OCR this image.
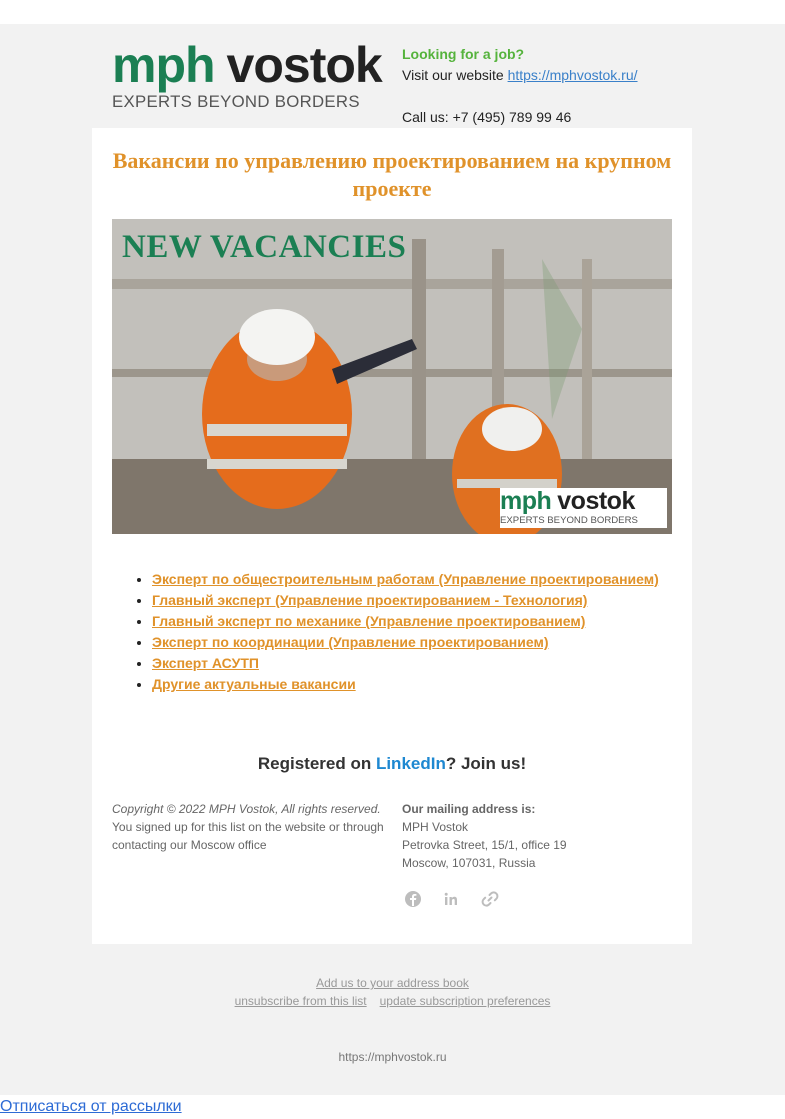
mph vostok
EXPERTS BEYOND BORDERS
Looking for a job?
Visit our website https://mphvostok.ru/
Call us: +7 (495) 789 99 46
Вакансии по управлению проектированием на крупном проекте
NEW VACANCIES
mph vostok
EXPERTS BEYOND BORDERS
• Эксперт по общестроительным работам (Управление проектированием)
• Главный эксперт (Управление проектированием - Технология)
• Главный эксперт по механике (Управление проектированием)
• Эксперт по координации (Управление проектированием)
• Эксперт АСУТП
• Другие актуальные вакансии
Registered on LinkedIn? Join us!
Copyright © 2022 MPH Vostok, All rights reserved.
You signed up for this list on the website or through contacting our Moscow office
Our mailing address is:
MPH Vostok
Petrovka Street, 15/1, office 19
Moscow, 107031, Russia

Add us to your address book
unsubscribe from this list update subscription preferences
https://mphvostok.ru
Отписаться от рассылки
